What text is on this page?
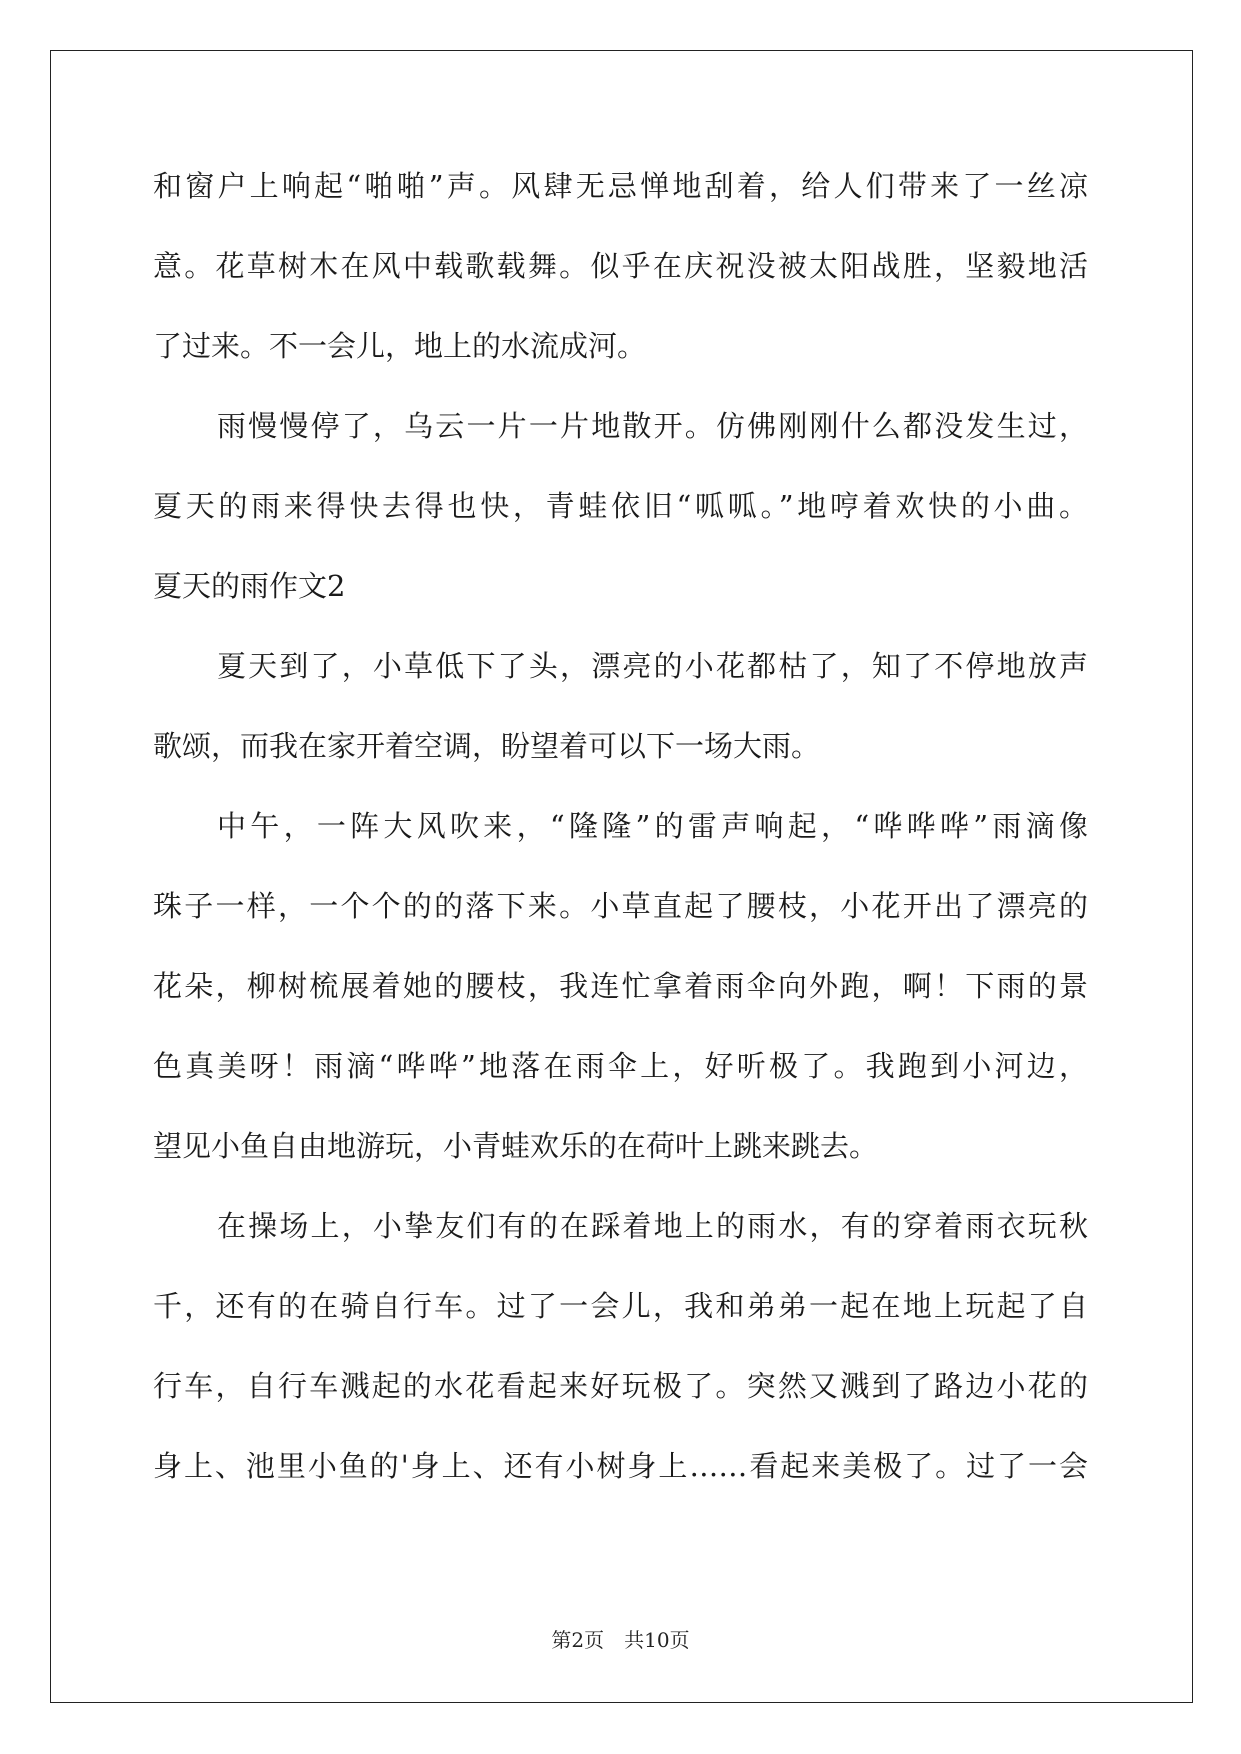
和窗户上响起“啪啪”声。风肆无忌惮地刮着，给人们带来了一丝凉
意。花草树木在风中载歌载舞。似乎在庆祝没被太阳战胜，坚毅地活
了过来。不一会儿，地上的水流成河。
雨慢慢停了，乌云一片一片地散开。仿佛刚刚什么都没发生过，
夏天的雨来得快去得也快，青蛙依旧“呱呱。”地哼着欢快的小曲。
夏天的雨作文2
夏天到了，小草低下了头，漂亮的小花都枯了，知了不停地放声
歌颂，而我在家开着空调，盼望着可以下一场大雨。
中午，一阵大风吹来，“隆隆”的雷声响起，“哗哗哗”雨滴像
珠子一样，一个个的的落下来。小草直起了腰枝，小花开出了漂亮的
花朵，柳树梳展着她的腰枝，我连忙拿着雨伞向外跑，啊！下雨的景
色真美呀！雨滴“哗哗”地落在雨伞上，好听极了。我跑到小河边，
望见小鱼自由地游玩，小青蛙欢乐的在荷叶上跳来跳去。
在操场上，小挚友们有的在踩着地上的雨水，有的穿着雨衣玩秋
千，还有的在骑自行车。过了一会儿，我和弟弟一起在地上玩起了自
行车，自行车溅起的水花看起来好玩极了。突然又溅到了路边小花的
身上、池里小鱼的'身上、还有小树身上……看起来美极了。过了一会
第2页　共10页
